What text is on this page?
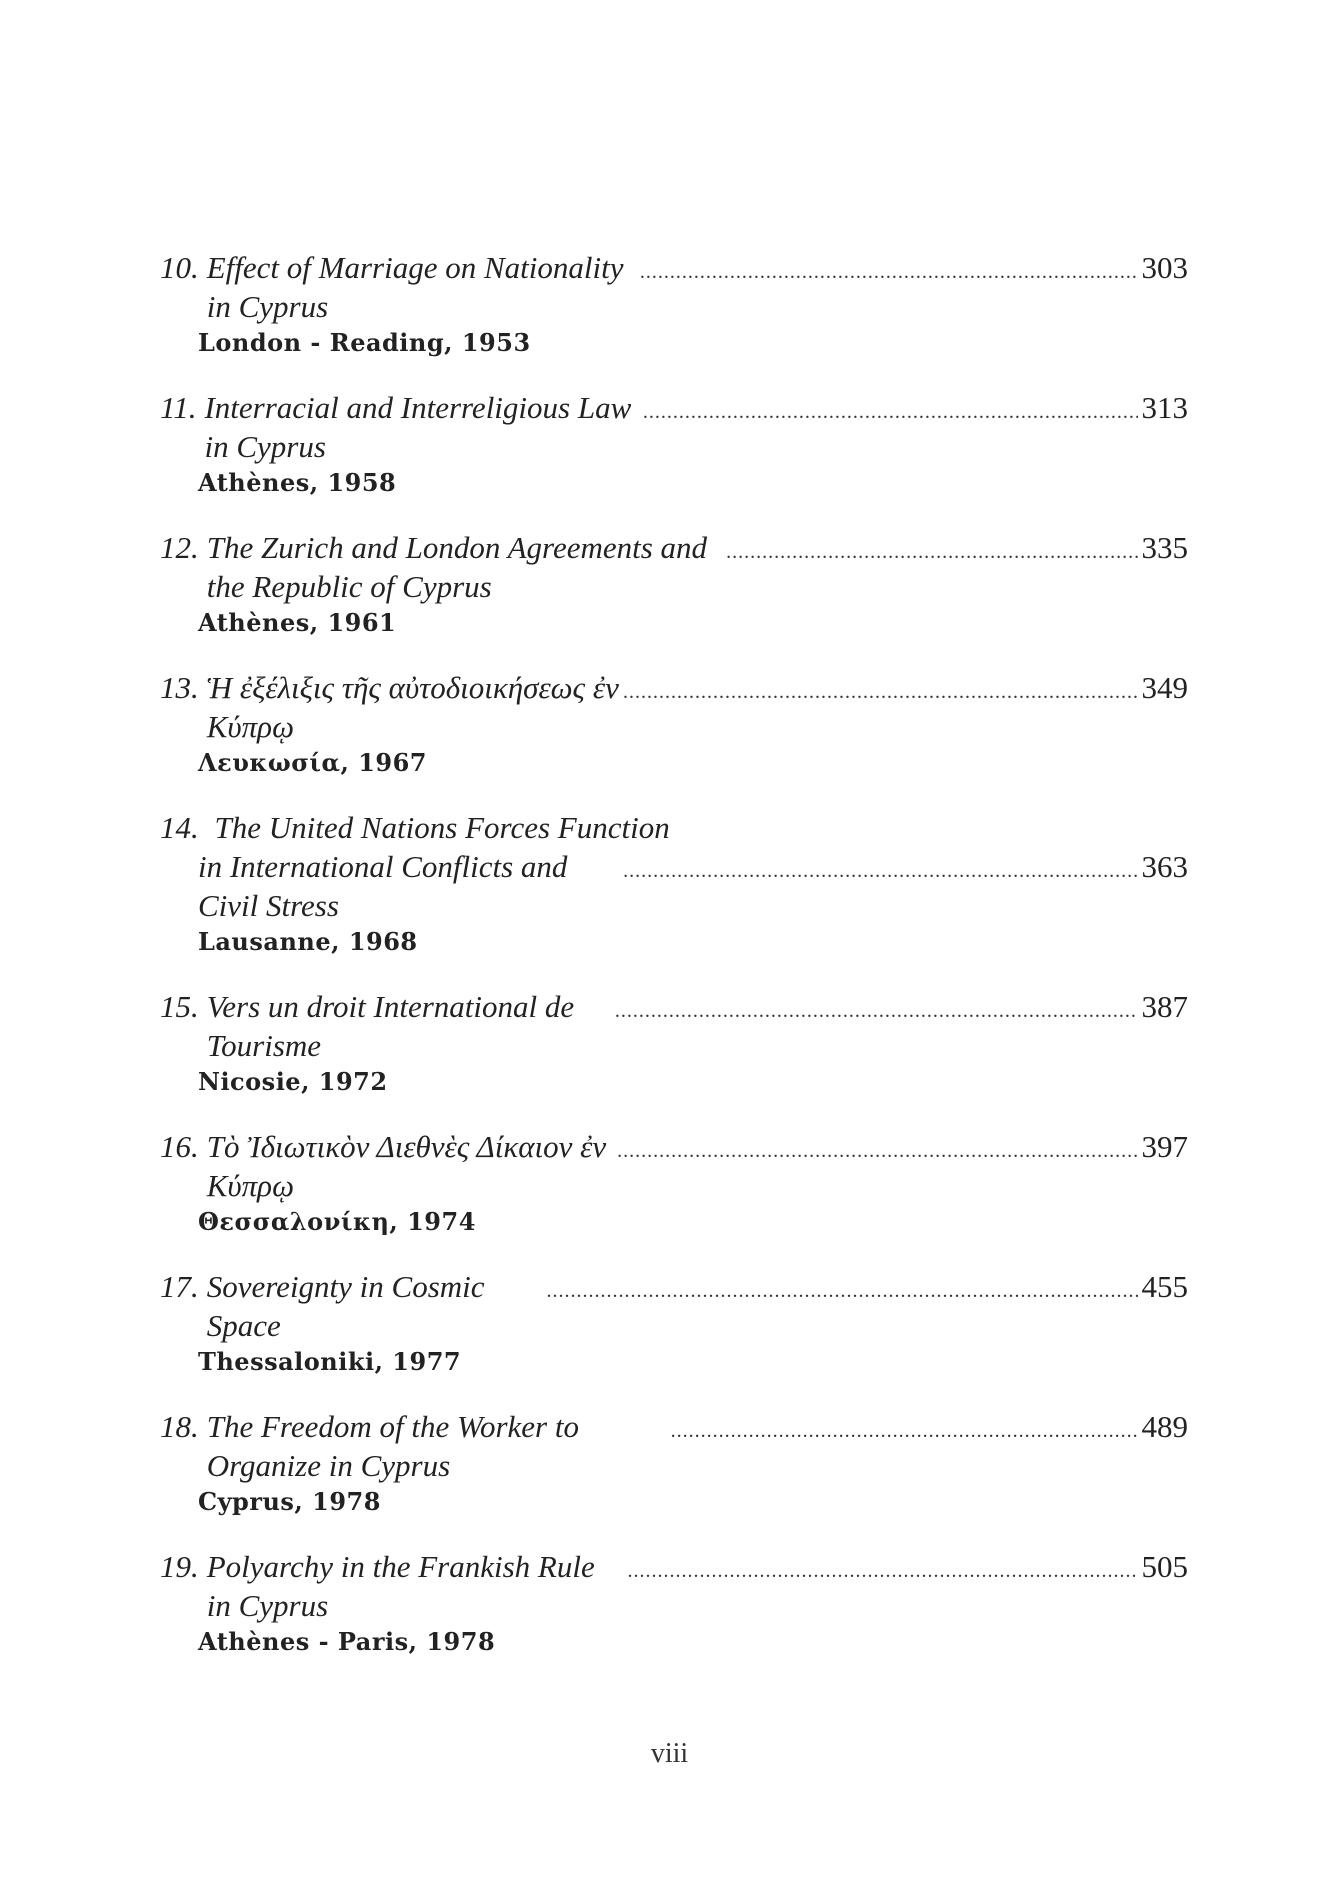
10. Effect of Marriage on Nationality in Cyprus
. . .
303
London - Reading, 1953
11. Interracial and Interreligious Law in Cyprus
. . .
313
Athènes, 1958
12. The Zurich and London Agreements and the Republic of Cyprus
. . .
335
Athènes, 1961
13. Ἡ ἐξέλιξις τῆς αὐτοδιοικήσεως ἐν Κύπρῳ
. . .
349
Λευκωσία, 1967
14. The United Nations Forces Function
in International Conflicts and Civil Stress
. . .
363
Lausanne, 1968
15. Vers un droit International de Tourisme
. . .
387
Nicosie, 1972
16. Τὸ Ἰδιωτικὸν Διεθνὲς Δίκαιον ἐν Κύπρῳ
. . .
397
Θεσσαλονίκη, 1974
17. Sovereignty in Cosmic Space
. . .
455
Thessaloniki, 1977
18. The Freedom of the Worker to Organize in Cyprus
. . .
489
Cyprus, 1978
19. Polyarchy in the Frankish Rule in Cyprus
. . .
505
Athènes - Paris, 1978
viii
